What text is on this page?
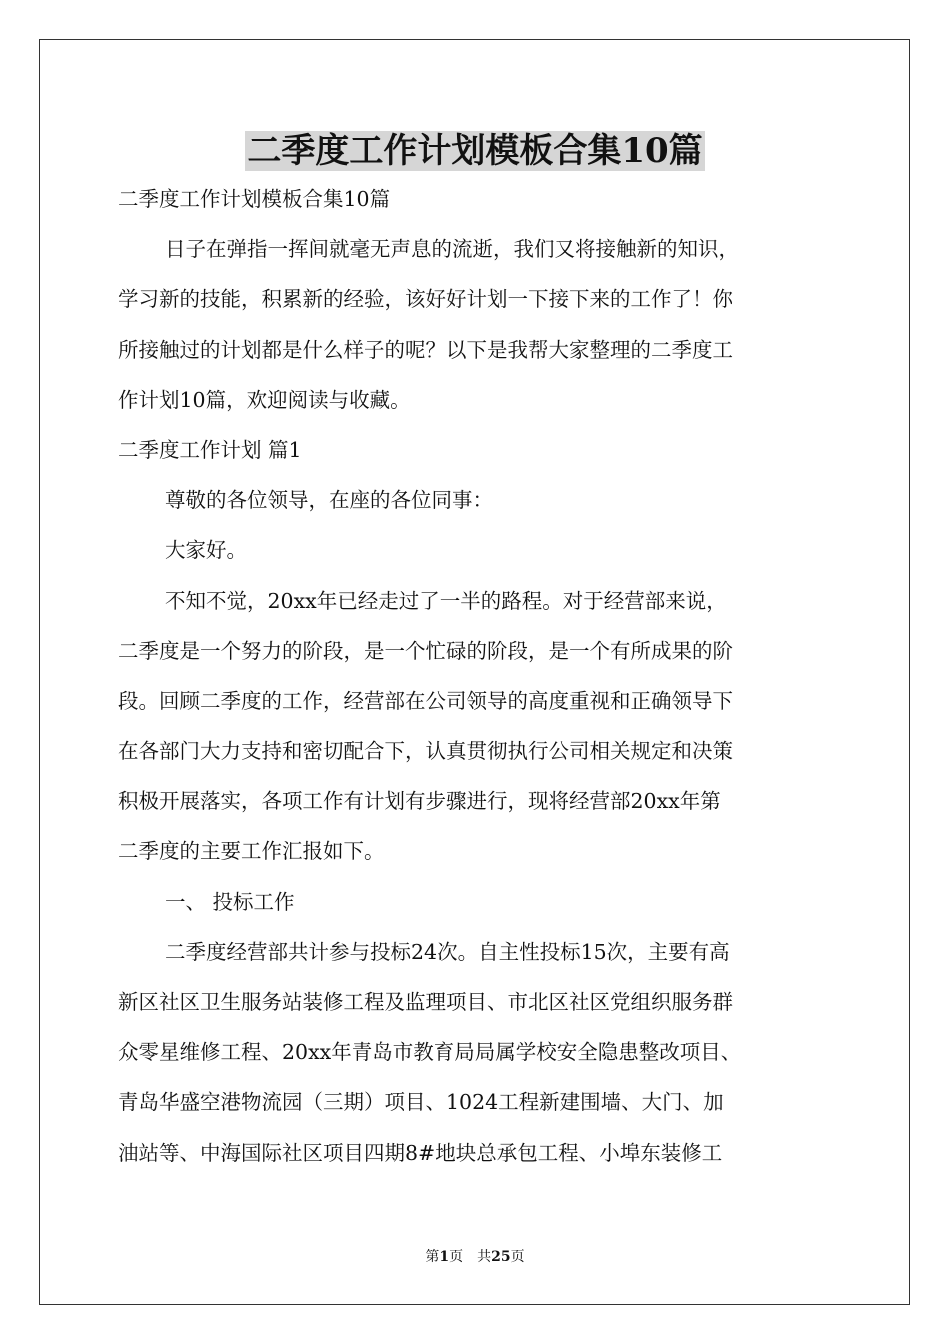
二季度工作计划模板合集10篇
二季度工作计划模板合集10篇
日子在弹指一挥间就毫无声息的流逝，我们又将接触新的知识，
学习新的技能，积累新的经验，该好好计划一下接下来的工作了！你
所接触过的计划都是什么样子的呢？以下是我帮大家整理的二季度工
作计划10篇，欢迎阅读与收藏。
二季度工作计划 篇1
尊敬的各位领导，在座的各位同事：
大家好。
不知不觉，20xx年已经走过了一半的路程。对于经营部来说，
二季度是一个努力的阶段，是一个忙碌的阶段，是一个有所成果的阶
段。回顾二季度的工作，经营部在公司领导的高度重视和正确领导下
在各部门大力支持和密切配合下，认真贯彻执行公司相关规定和决策
积极开展落实，各项工作有计划有步骤进行，现将经营部20xx年第
二季度的主要工作汇报如下。
一、 投标工作
二季度经营部共计参与投标24次。自主性投标15次，主要有高
新区社区卫生服务站装修工程及监理项目、市北区社区党组织服务群
众零星维修工程、20xx年青岛市教育局局属学校安全隐患整改项目、
青岛华盛空港物流园（三期）项目、1024工程新建围墙、大门、加
油站等、中海国际社区项目四期8#地块总承包工程、小埠东装修工
第1页　共25页
